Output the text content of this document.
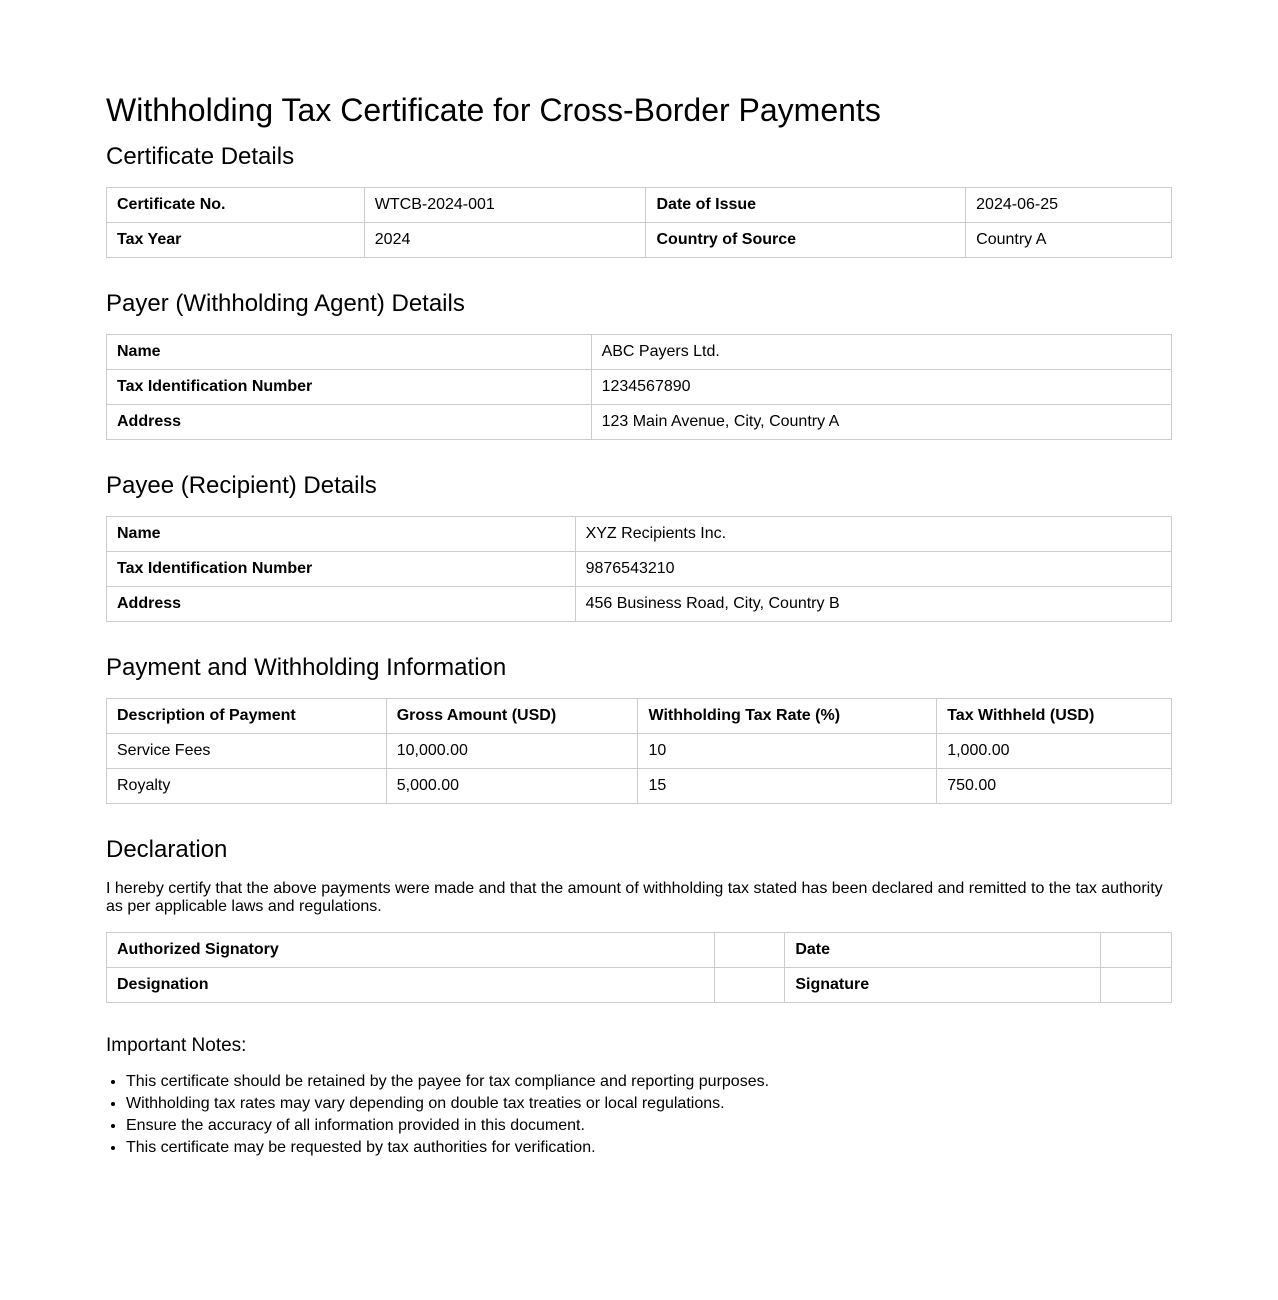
Withholding Tax Certificate for Cross-Border Payments
Certificate Details
Certificate No.	WTCB-2024-001	Date of Issue	2024-06-25
Tax Year	2024	Country of Source	Country A
Payer (Withholding Agent) Details
Name	ABC Payers Ltd.
Tax Identification Number	1234567890
Address	123 Main Avenue, City, Country A
Payee (Recipient) Details
Name	XYZ Recipients Inc.
Tax Identification Number	9876543210
Address	456 Business Road, City, Country B
Payment and Withholding Information
Description of Payment	Gross Amount (USD)	Withholding Tax Rate (%)	Tax Withheld (USD)
Service Fees	10,000.00	10	1,000.00
Royalty	5,000.00	15	750.00
Declaration

I hereby certify that the above payments were made and that the amount of withholding tax stated has been declared and remitted to the tax authority as per applicable laws and regulations.

Authorized Signatory		Date	
Designation		Signature	
Important Notes:
• This certificate should be retained by the payee for tax compliance and reporting purposes.
• Withholding tax rates may vary depending on double tax treaties or local regulations.
• Ensure the accuracy of all information provided in this document.
• This certificate may be requested by tax authorities for verification.
